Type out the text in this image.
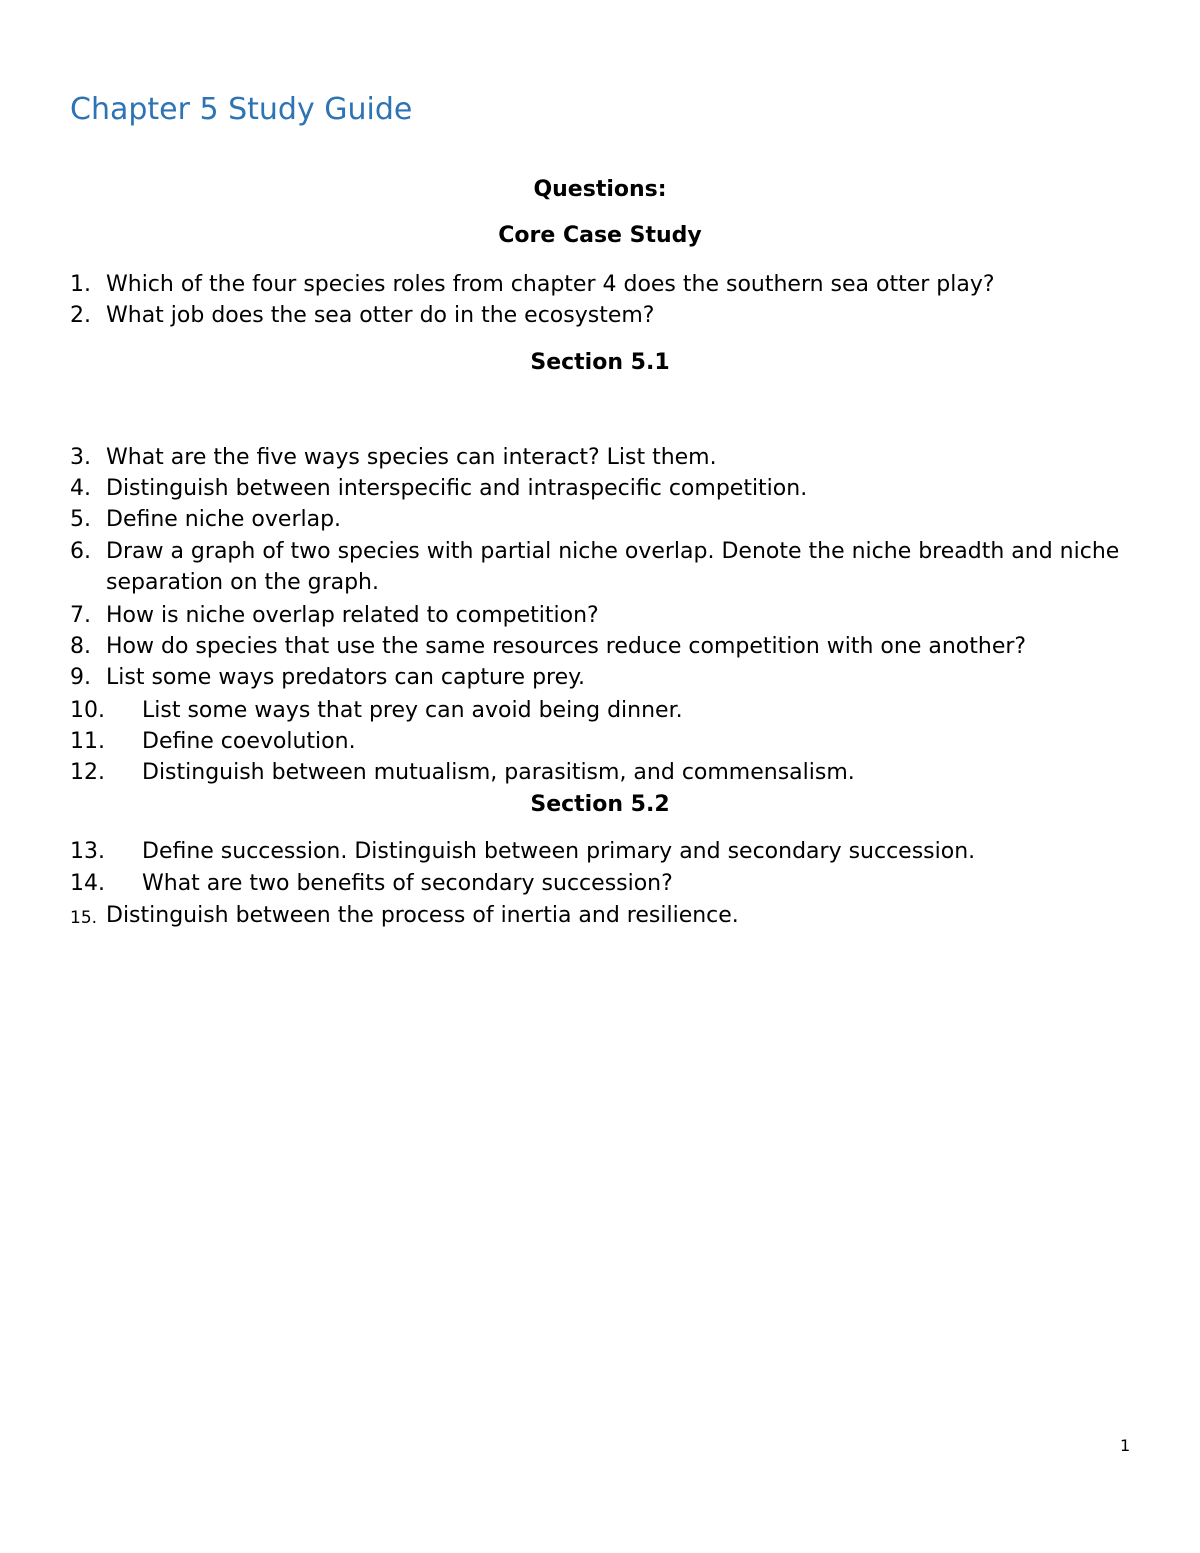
Chapter 5 Study Guide
Questions:
Core Case Study
1. Which of the four species roles from chapter 4 does the southern sea otter play?
2. What job does the sea otter do in the ecosystem?
Section 5.1
3. What are the five ways species can interact? List them.
4. Distinguish between interspecific and intraspecific competition.
5. Define niche overlap.
6. Draw a graph of two species with partial niche overlap. Denote the niche breadth and niche separation on the graph.
7. How is niche overlap related to competition?
8. How do species that use the same resources reduce competition with one another?
9. List some ways predators can capture prey.
10. List some ways that prey can avoid being dinner.
11. Define coevolution.
12. Distinguish between mutualism, parasitism, and commensalism.
Section 5.2
13. Define succession. Distinguish between primary and secondary succession.
14. What are two benefits of secondary succession?
15. Distinguish between the process of inertia and resilience.
1
